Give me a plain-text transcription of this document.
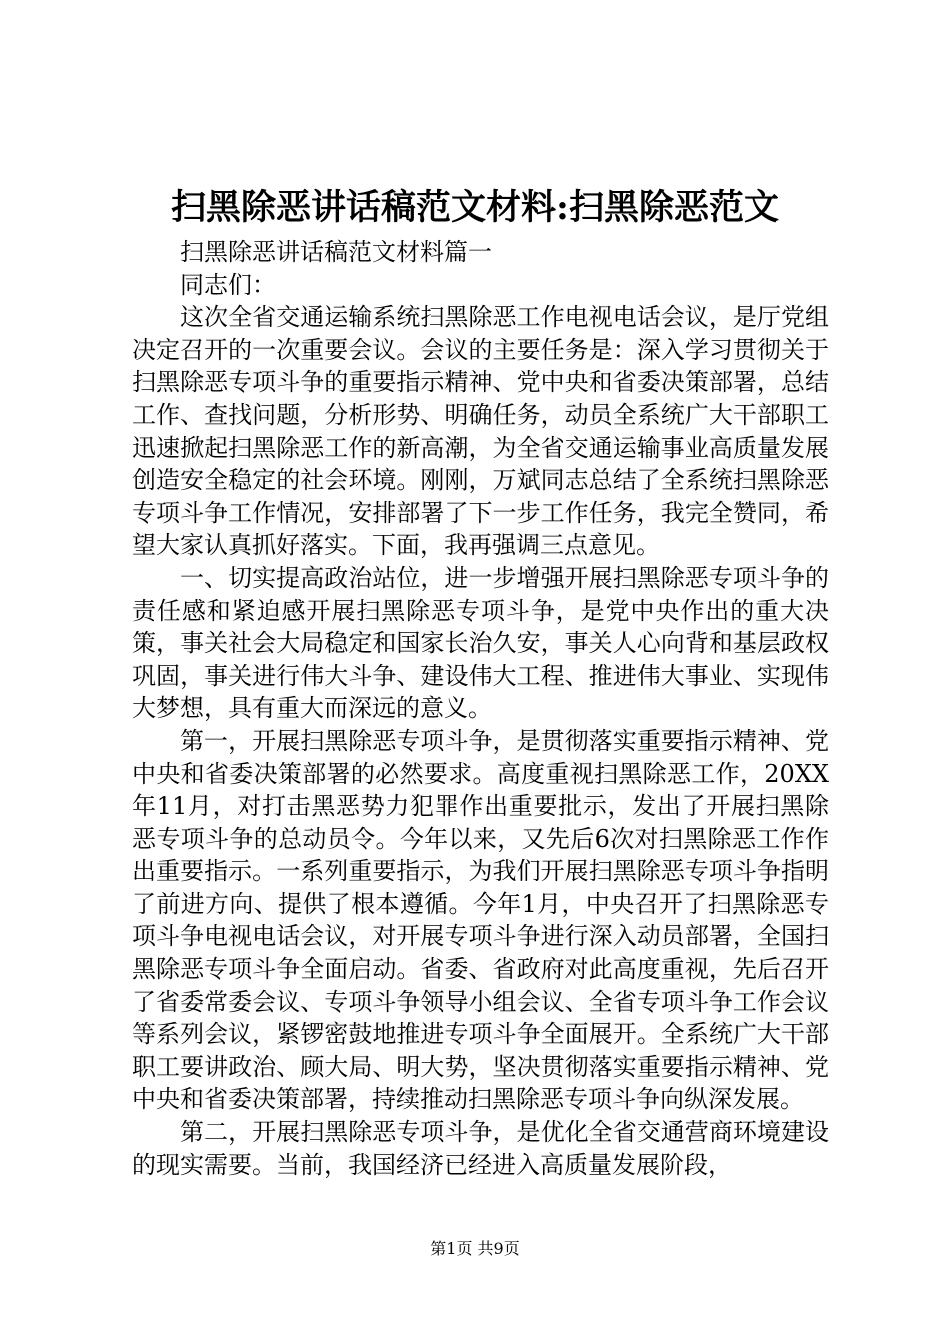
扫黑除恶讲话稿范文材料:扫黑除恶范文

扫黑除恶讲话稿范文材料篇一

同志们：

这次全省交通运输系统扫黑除恶工作电视电话会议，是厅党组决定召开的一次重要会议。会议的主要任务是：深入学习贯彻关于扫黑除恶专项斗争的重要指示精神、党中央和省委决策部署，总结工作、查找问题，分析形势、明确任务，动员全系统广大干部职工迅速掀起扫黑除恶工作的新高潮，为全省交通运输事业高质量发展创造安全稳定的社会环境。刚刚，万斌同志总结了全系统扫黑除恶专项斗争工作情况，安排部署了下一步工作任务，我完全赞同，希望大家认真抓好落实。下面，我再强调三点意见。

一、切实提高政治站位，进一步增强开展扫黑除恶专项斗争的责任感和紧迫感开展扫黑除恶专项斗争，是党中央作出的重大决策，事关社会大局稳定和国家长治久安，事关人心向背和基层政权巩固，事关进行伟大斗争、建设伟大工程、推进伟大事业、实现伟大梦想，具有重大而深远的意义。

第一，开展扫黑除恶专项斗争，是贯彻落实重要指示精神、党中央和省委决策部署的必然要求。高度重视扫黑除恶工作，20XX年11月，对打击黑恶势力犯罪作出重要批示，发出了开展扫黑除恶专项斗争的总动员令。今年以来，又先后6次对扫黑除恶工作作出重要指示。一系列重要指示，为我们开展扫黑除恶专项斗争指明了前进方向、提供了根本遵循。今年1月，中央召开了扫黑除恶专项斗争电视电话会议，对开展专项斗争进行深入动员部署，全国扫黑除恶专项斗争全面启动。省委、省政府对此高度重视，先后召开了省委常委会议、专项斗争领导小组会议、全省专项斗争工作会议等系列会议，紧锣密鼓地推进专项斗争全面展开。全系统广大干部职工要讲政治、顾大局、明大势，坚决贯彻落实重要指示精神、党中央和省委决策部署，持续推动扫黑除恶专项斗争向纵深发展。

第二，开展扫黑除恶专项斗争，是优化全省交通营商环境建设的现实需要。当前，我国经济已经进入高质量发展阶段，

第1页 共9页
